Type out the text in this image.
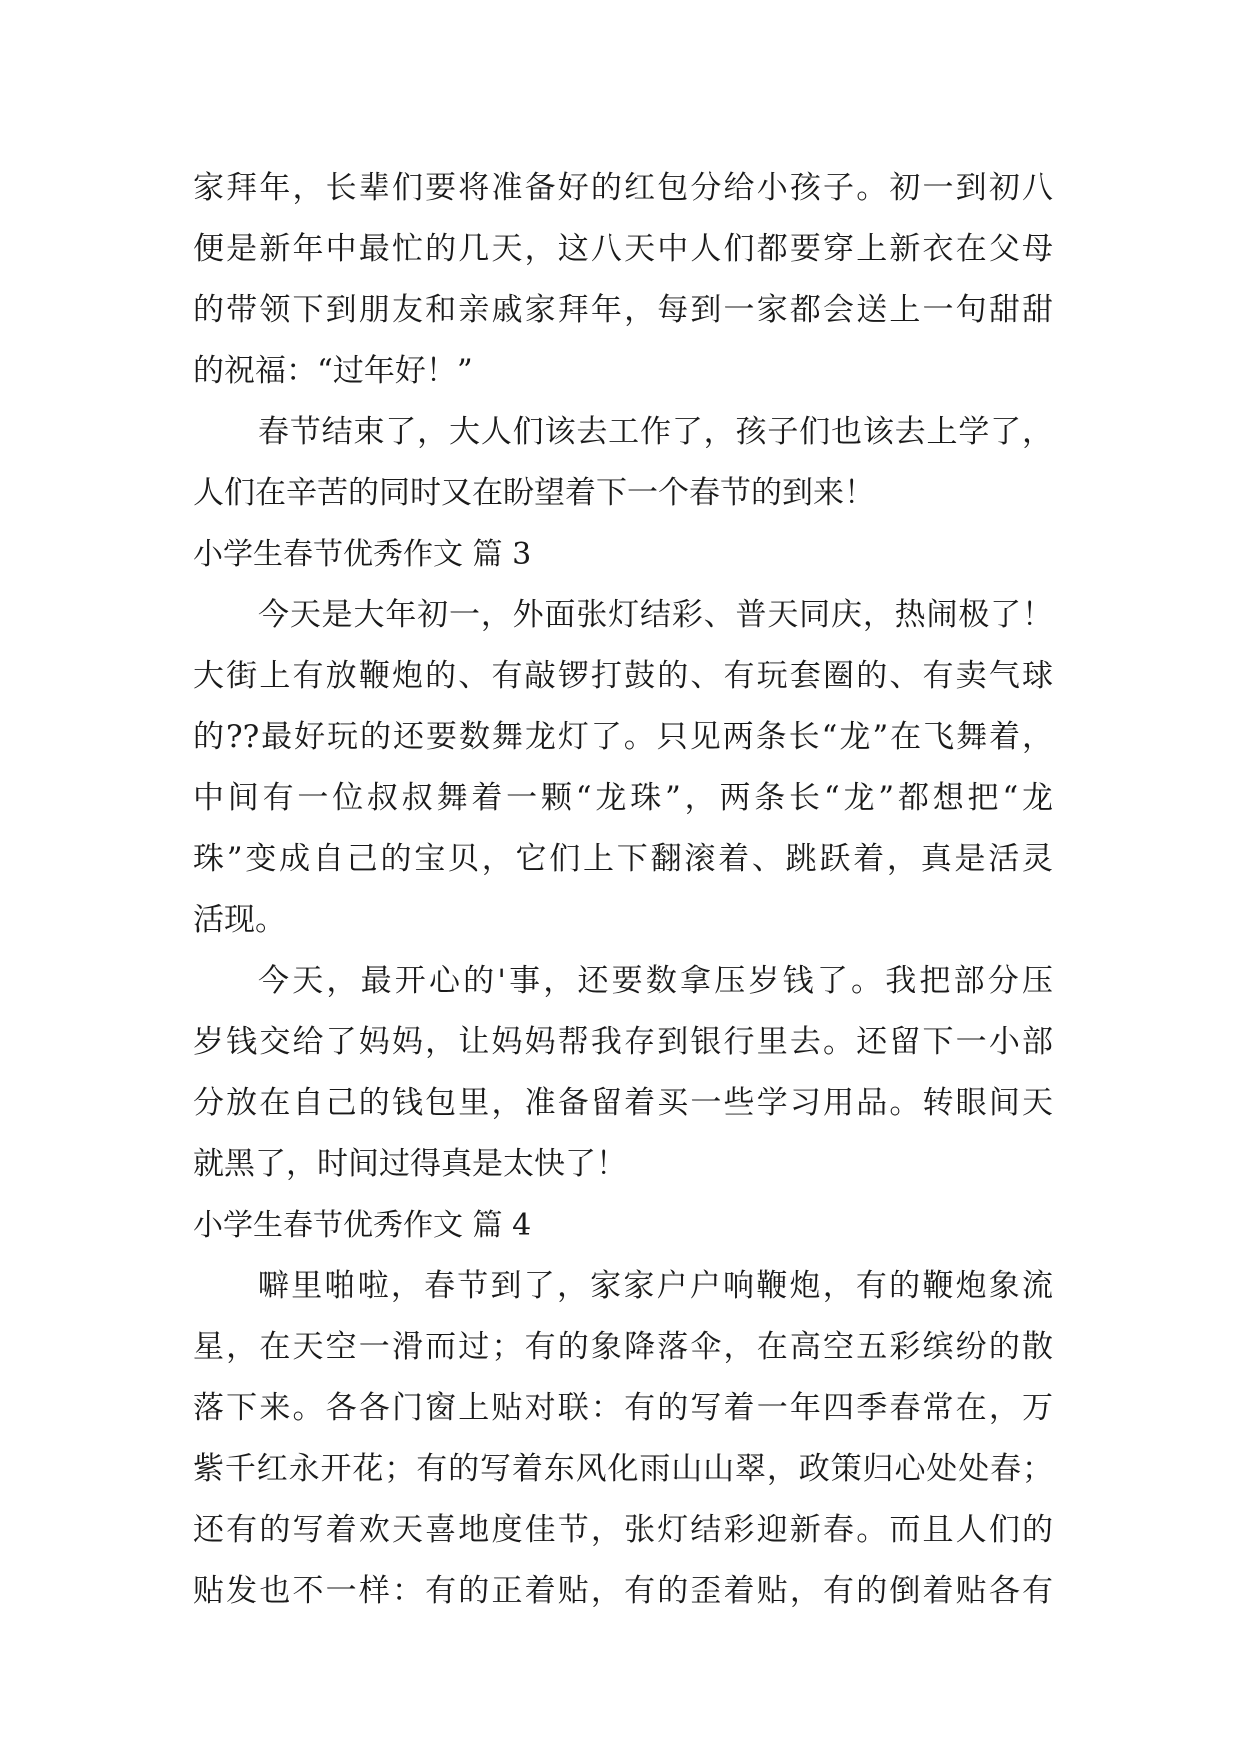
家拜年，长辈们要将准备好的红包分给小孩子。初一到初八
便是新年中最忙的几天，这八天中人们都要穿上新衣在父母
的带领下到朋友和亲戚家拜年，每到一家都会送上一句甜甜
的祝福：“过年好！”
春节结束了，大人们该去工作了，孩子们也该去上学了，
人们在辛苦的同时又在盼望着下一个春节的到来！
小学生春节优秀作文 篇 3
今天是大年初一，外面张灯结彩、普天同庆，热闹极了！
大街上有放鞭炮的、有敲锣打鼓的、有玩套圈的、有卖气球
的??最好玩的还要数舞龙灯了。只见两条长“龙”在飞舞着，
中间有一位叔叔舞着一颗“龙珠”，两条长“龙”都想把“龙
珠”变成自己的宝贝，它们上下翻滚着、跳跃着，真是活灵
活现。
今天，最开心的'事，还要数拿压岁钱了。我把部分压
岁钱交给了妈妈，让妈妈帮我存到银行里去。还留下一小部
分放在自己的钱包里，准备留着买一些学习用品。转眼间天
就黑了，时间过得真是太快了！
小学生春节优秀作文 篇 4
噼里啪啦，春节到了，家家户户响鞭炮，有的鞭炮象流
星，在天空一滑而过；有的象降落伞，在高空五彩缤纷的散
落下来。各各门窗上贴对联：有的写着一年四季春常在，万
紫千红永开花；有的写着东风化雨山山翠，政策归心处处春；
还有的写着欢天喜地度佳节，张灯结彩迎新春。而且人们的
贴发也不一样：有的正着贴，有的歪着贴，有的倒着贴各有
